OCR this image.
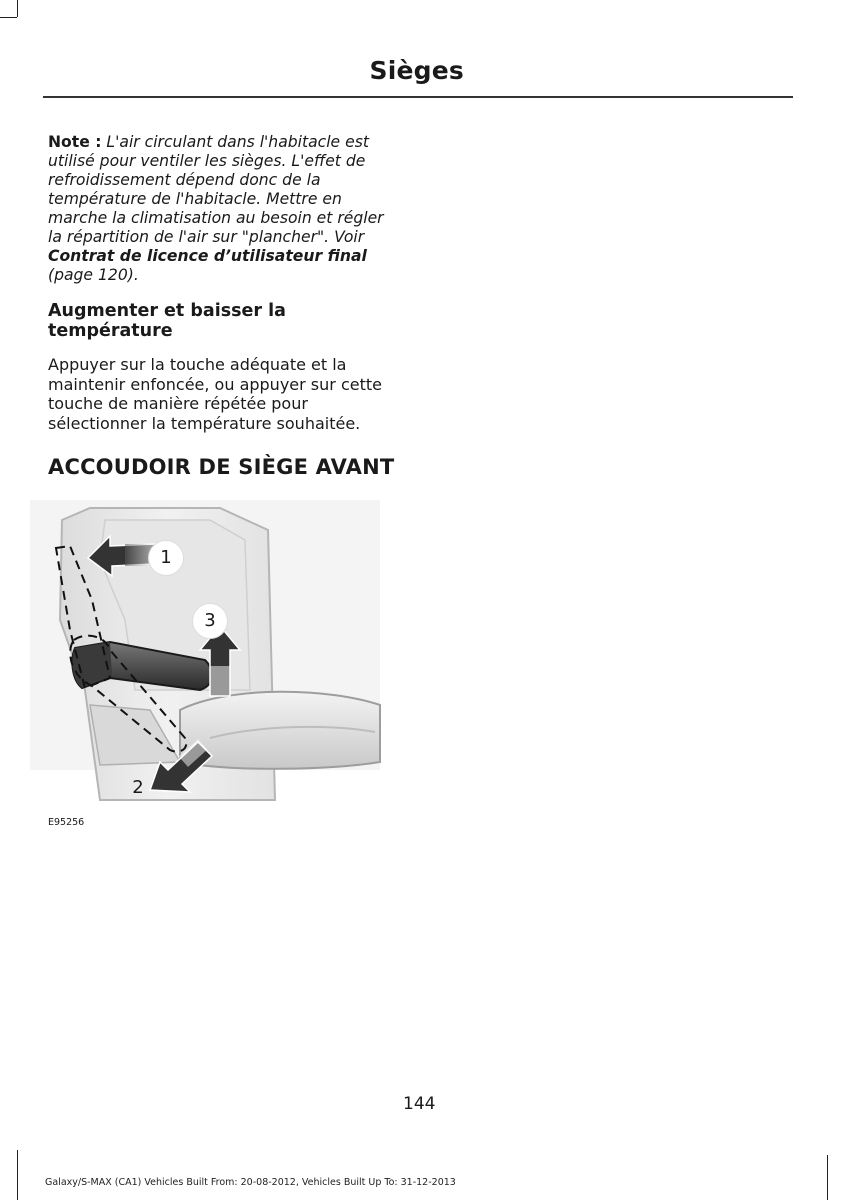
Sièges
Note : L'air circulant dans l'habitacle est utilisé pour ventiler les sièges. L'effet de refroidissement dépend donc de la température de l'habitacle. Mettre en marche la climatisation au besoin et régler la répartition de l'air sur "plancher". Voir Contrat de licence d’utilisateur final
(page 120).
Augmenter et baisser la température
Appuyer sur la touche adéquate et la maintenir enfoncée, ou appuyer sur cette touche de manière répétée pour sélectionner la température souhaitée.
ACCOUDOIR DE SIÈGE AVANT
1
3
2
E95256
144
Galaxy/S-MAX (CA1) Vehicles Built From: 20-08-2012, Vehicles Built Up To: 31-12-2013
